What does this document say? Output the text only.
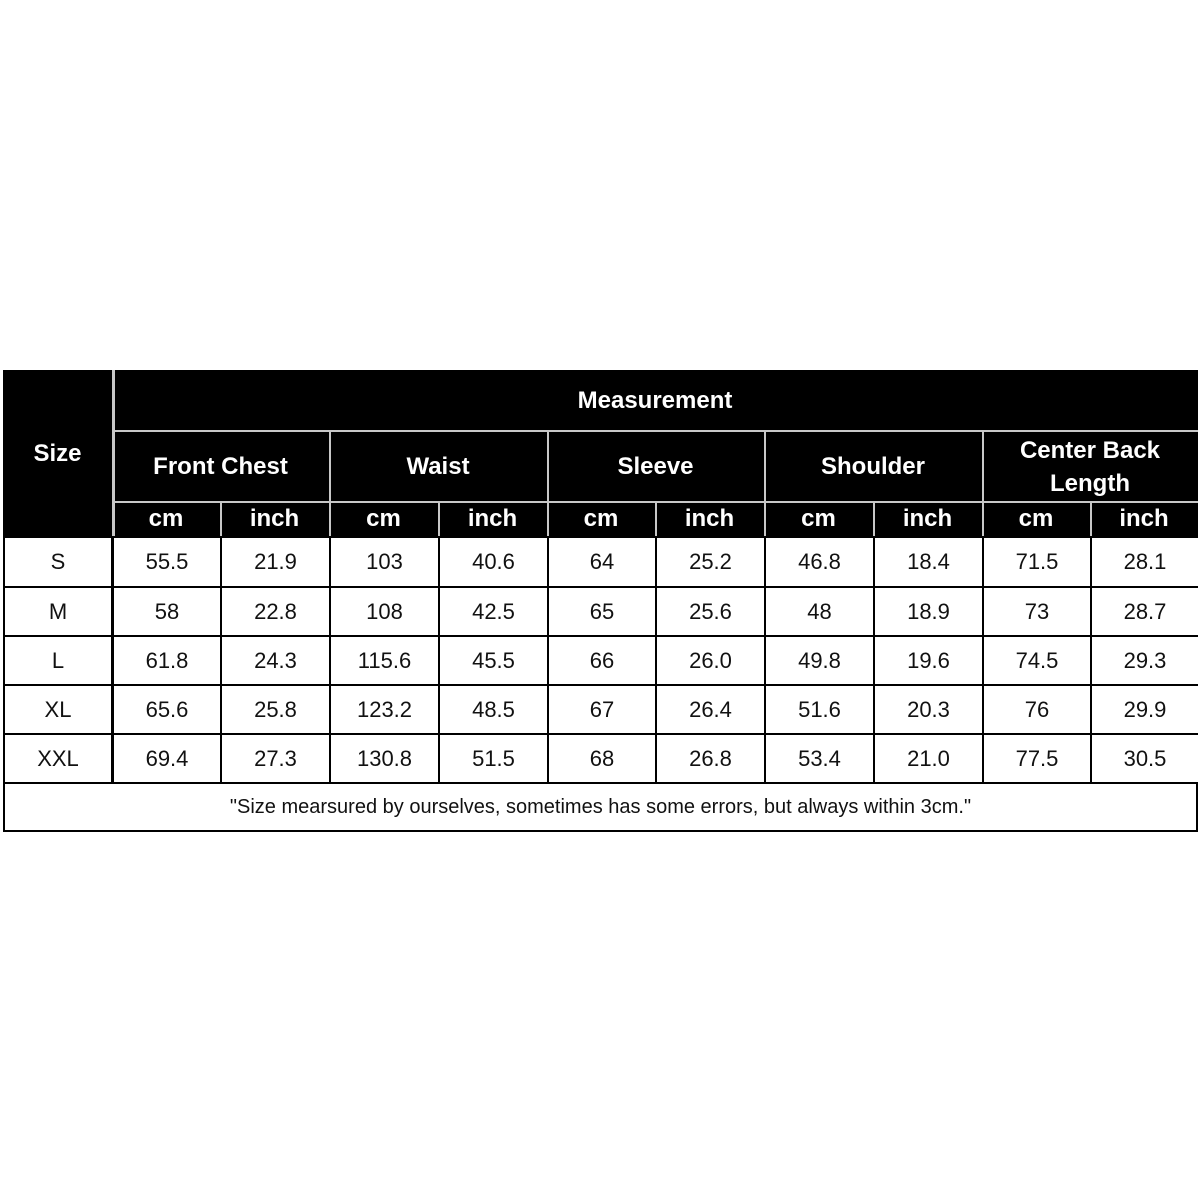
Size
Measurement
Front Chest
cm	inch
Waist
cm	inch
Sleeve
cm	inch
Shoulder
cm	inch
Center Back Length
cm	inch
S	55.5	21.9	103	40.6	64	25.2	46.8	18.4	71.5	28.1
M	58	22.8	108	42.5	65	25.6	48	18.9	73	28.7
L	61.8	24.3	115.6	45.5	66	26.0	49.8	19.6	74.5	29.3
XL	65.6	25.8	123.2	48.5	67	26.4	51.6	20.3	76	29.9
XXL	69.4	27.3	130.8	51.5	68	26.8	53.4	21.0	77.5	30.5
"Size mearsured by ourselves, sometimes has some errors, but always within 3cm."
